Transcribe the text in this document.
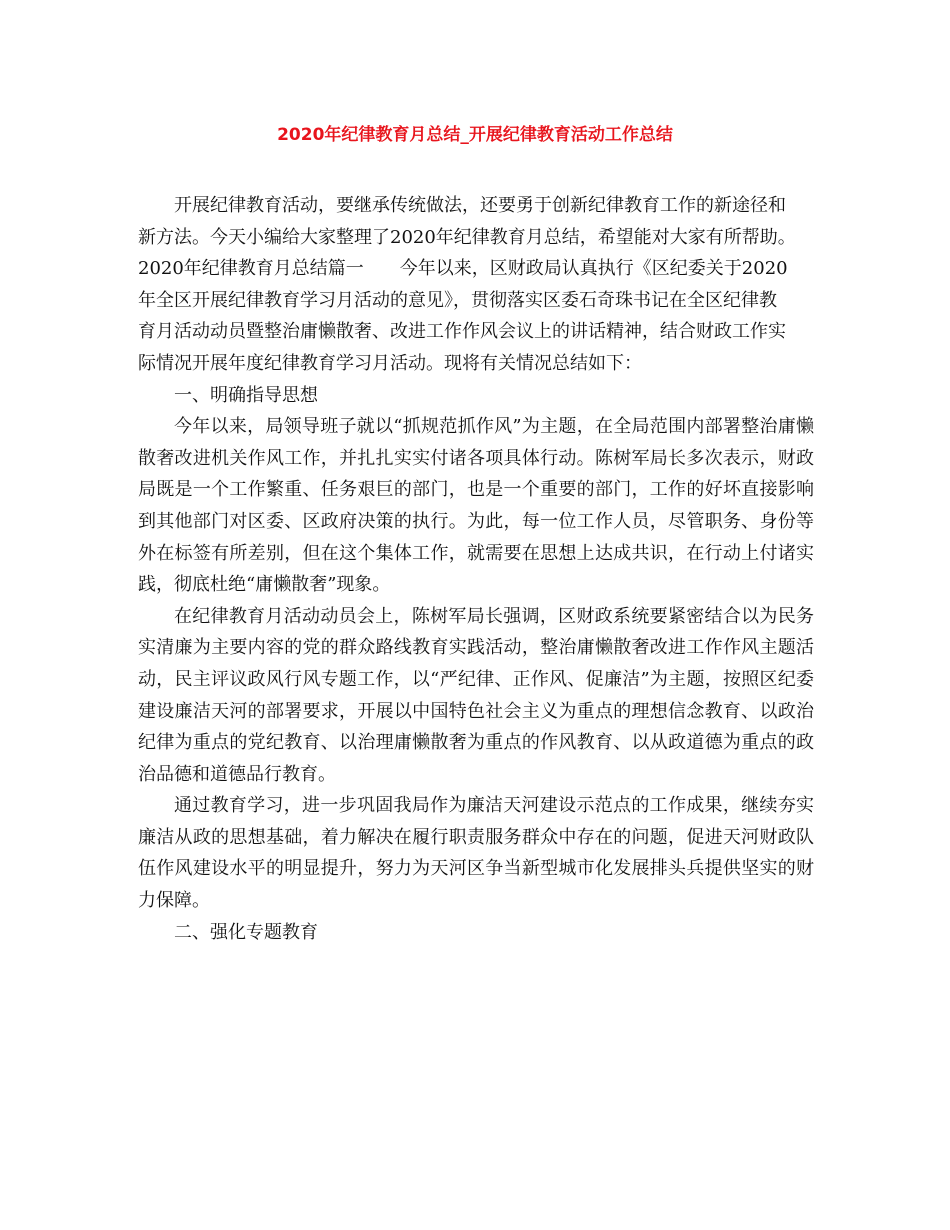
2020年纪律教育月总结_开展纪律教育活动工作总结

开展纪律教育活动，要继承传统做法，还要勇于创新纪律教育工作的新途径和
新方法。今天小编给大家整理了2020年纪律教育月总结，希望能对大家有所帮助。
2020年纪律教育月总结篇一　　今年以来，区财政局认真执行《区纪委关于2020
年全区开展纪律教育学习月活动的意见》，贯彻落实区委石奇珠书记在全区纪律教
育月活动动员暨整治庸懒散奢、改进工作作风会议上的讲话精神，结合财政工作实
际情况开展年度纪律教育学习月活动。现将有关情况总结如下：

一、明确指导思想

今年以来，局领导班子就以“抓规范抓作风”为主题，在全局范围内部署整治庸懒散奢改进机关作风工作，并扎扎实实付诸各项具体行动。陈树军局长多次表示，财政局既是一个工作繁重、任务艰巨的部门，也是一个重要的部门，工作的好坏直接影响到其他部门对区委、区政府决策的执行。为此，每一位工作人员，尽管职务、身份等外在标签有所差别，但在这个集体工作，就需要在思想上达成共识，在行动上付诸实践，彻底杜绝“庸懒散奢”现象。

在纪律教育月活动动员会上，陈树军局长强调，区财政系统要紧密结合以为民务实清廉为主要内容的党的群众路线教育实践活动，整治庸懒散奢改进工作作风主题活动，民主评议政风行风专题工作，以“严纪律、正作风、促廉洁”为主题，按照区纪委建设廉洁天河的部署要求，开展以中国特色社会主义为重点的理想信念教育、以政治纪律为重点的党纪教育、以治理庸懒散奢为重点的作风教育、以从政道德为重点的政治品德和道德品行教育。

通过教育学习，进一步巩固我局作为廉洁天河建设示范点的工作成果，继续夯实廉洁从政的思想基础，着力解决在履行职责服务群众中存在的问题，促进天河财政队伍作风建设水平的明显提升，努力为天河区争当新型城市化发展排头兵提供坚实的财力保障。

二、强化专题教育
